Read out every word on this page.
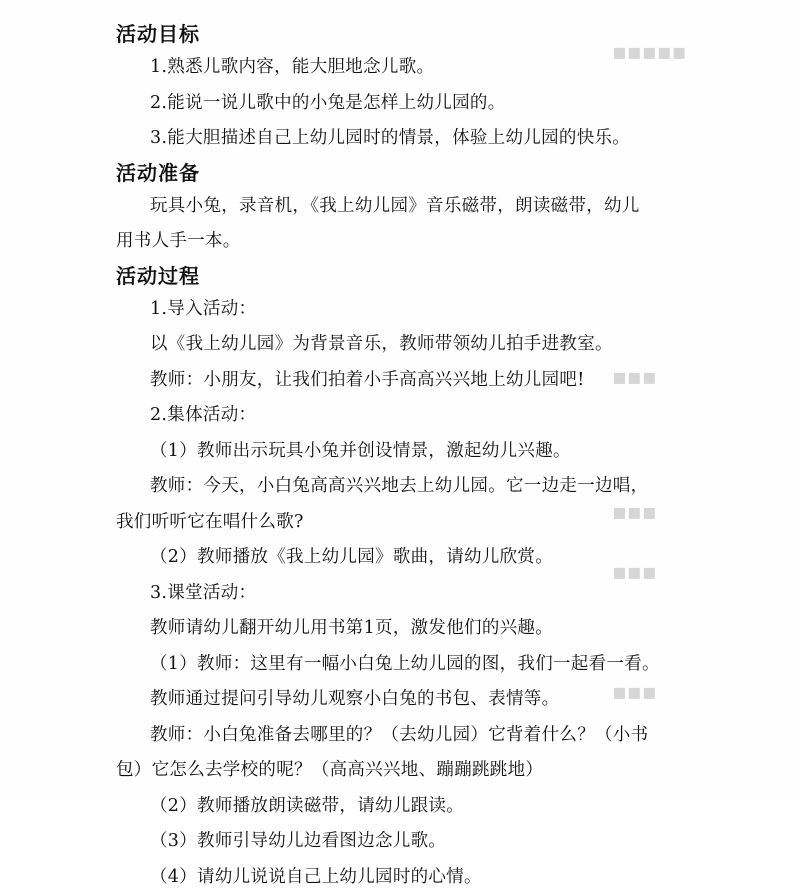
▪▪▪▪▪
▪▪▪
▪▪▪
▪▪▪
▪▪▪
活动目标

1.熟悉儿歌内容，能大胆地念儿歌。

2.能说一说儿歌中的小兔是怎样上幼儿园的。

3.能大胆描述自己上幼儿园时的情景，体验上幼儿园的快乐。

活动准备

玩具小兔，录音机，《我上幼儿园》音乐磁带，朗读磁带，幼儿

用书人手一本。

活动过程

1.导入活动：

以《我上幼儿园》为背景音乐，教师带领幼儿拍手进教室。

教师：小朋友，让我们拍着小手高高兴兴地上幼儿园吧!

2.集体活动：

（1）教师出示玩具小兔并创设情景，激起幼儿兴趣。

教师：今天，小白兔高高兴兴地去上幼儿园。它一边走一边唱，

我们听听它在唱什么歌?

（2）教师播放《我上幼儿园》歌曲，请幼儿欣赏。

3.课堂活动：

教师请幼儿翻开幼儿用书第1页，激发他们的兴趣。

（1）教师：这里有一幅小白兔上幼儿园的图，我们一起看一看。

教师通过提问引导幼儿观察小白兔的书包、表情等。

教师：小白兔准备去哪里的？（去幼儿园）它背着什么？（小书

包）它怎么去学校的呢？（高高兴兴地、蹦蹦跳跳地）

（2）教师播放朗读磁带，请幼儿跟读。

（3）教师引导幼儿边看图边念儿歌。

（4）请幼儿说说自己上幼儿园时的心情。
